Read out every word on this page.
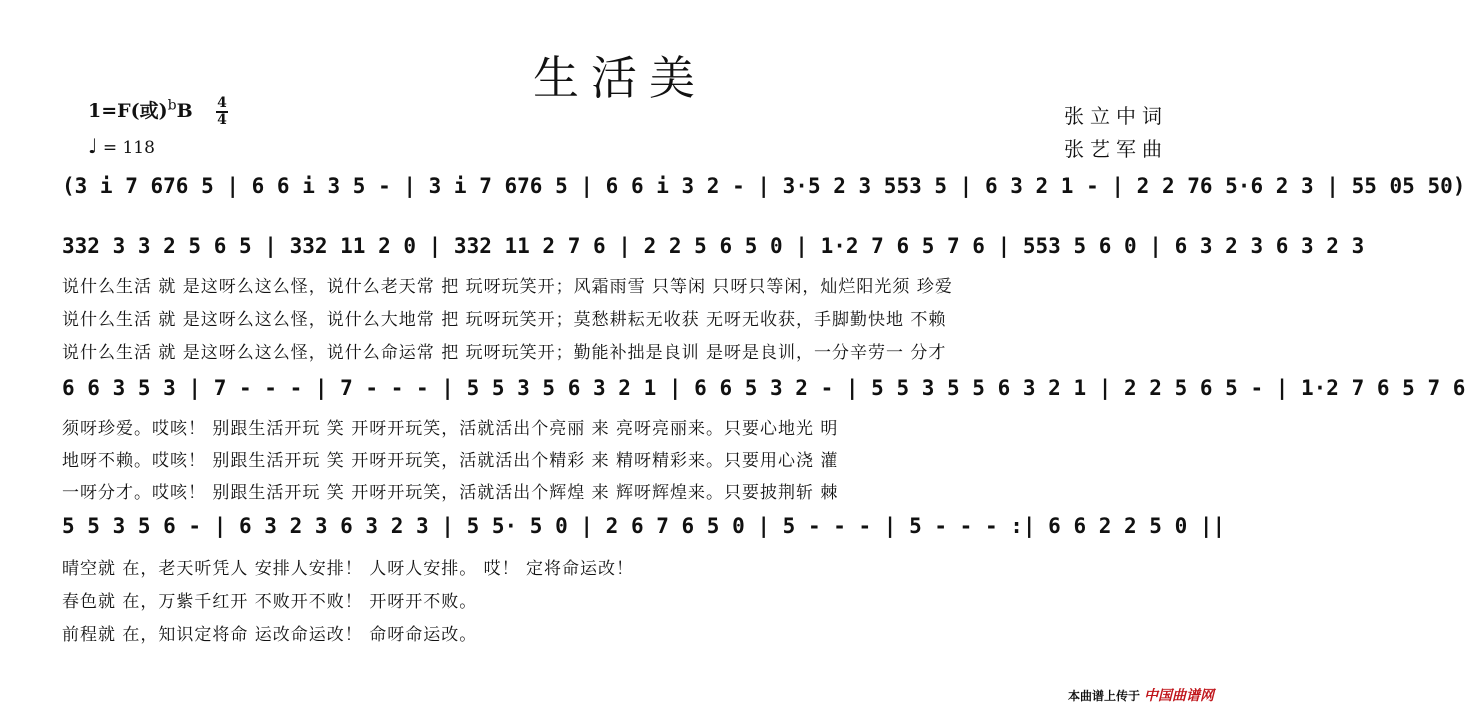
生活美
1=F(或)$^b$B 4
4
♩ = 118
张立中词
张艺军曲
(3 i 7 676 5 | 6 6 i 3 5 - | 3 i 7 676 5 | 6 6 i 3 2 - | 3·5 2 3 553 5 | 6 3 2 1 - | 2 2 76 5·6 2 3 | 55 05 50)
332 3 3 2 5 6 5 | 332 11 2 0 | 332 11 2 7 6 | 2 2 5 6 5 0 | 1·2 7 6 5 7 6 | 553 5 6 0 | 6 3 2 3 6 3 2 3
说什么生活 就 是这呀么这么怪，说什么老天常 把 玩呀玩笑开；风霜雨雪 只等闲 只呀只等闲，灿烂阳光须 珍爱
说什么生活 就 是这呀么这么怪，说什么大地常 把 玩呀玩笑开；莫愁耕耘无收获 无呀无收获，手脚勤快地 不赖
说什么生活 就 是这呀么这么怪，说什么命运常 把 玩呀玩笑开；勤能补拙是良训 是呀是良训，一分辛劳一 分才
6 6 3 5 3 | 7 - - - | 7 - - - | 5 5 3 5 6 3 2 1 | 6 6 5 3 2 - | 5 5 3 5 5 6 3 2 1 | 2 2 5 6 5 - | 1·2 7 6 5 7 6
须呀珍爱。哎咳！ 别跟生活开玩 笑 开呀开玩笑，活就活出个亮丽 来 亮呀亮丽来。只要心地光 明
地呀不赖。哎咳！ 别跟生活开玩 笑 开呀开玩笑，活就活出个精彩 来 精呀精彩来。只要用心浇 灌
一呀分才。哎咳！ 别跟生活开玩 笑 开呀开玩笑，活就活出个辉煌 来 辉呀辉煌来。只要披荆斩 棘
5 5 3 5 6 - | 6 3 2 3 6 3 2 3 | 5 5· 5 0 | 2 6 7 6 5 0 | 5 - - - | 5 - - - :| 6 6 2 2 5 0 ||
晴空就 在，老天听凭人 安排人安排！ 人呀人安排。 哎！ 定将命运改！
春色就 在，万紫千红开 不败开不败！ 开呀开不败。
前程就 在，知识定将命 运改命运改！ 命呀命运改。
本曲谱上传于 中国曲谱网
